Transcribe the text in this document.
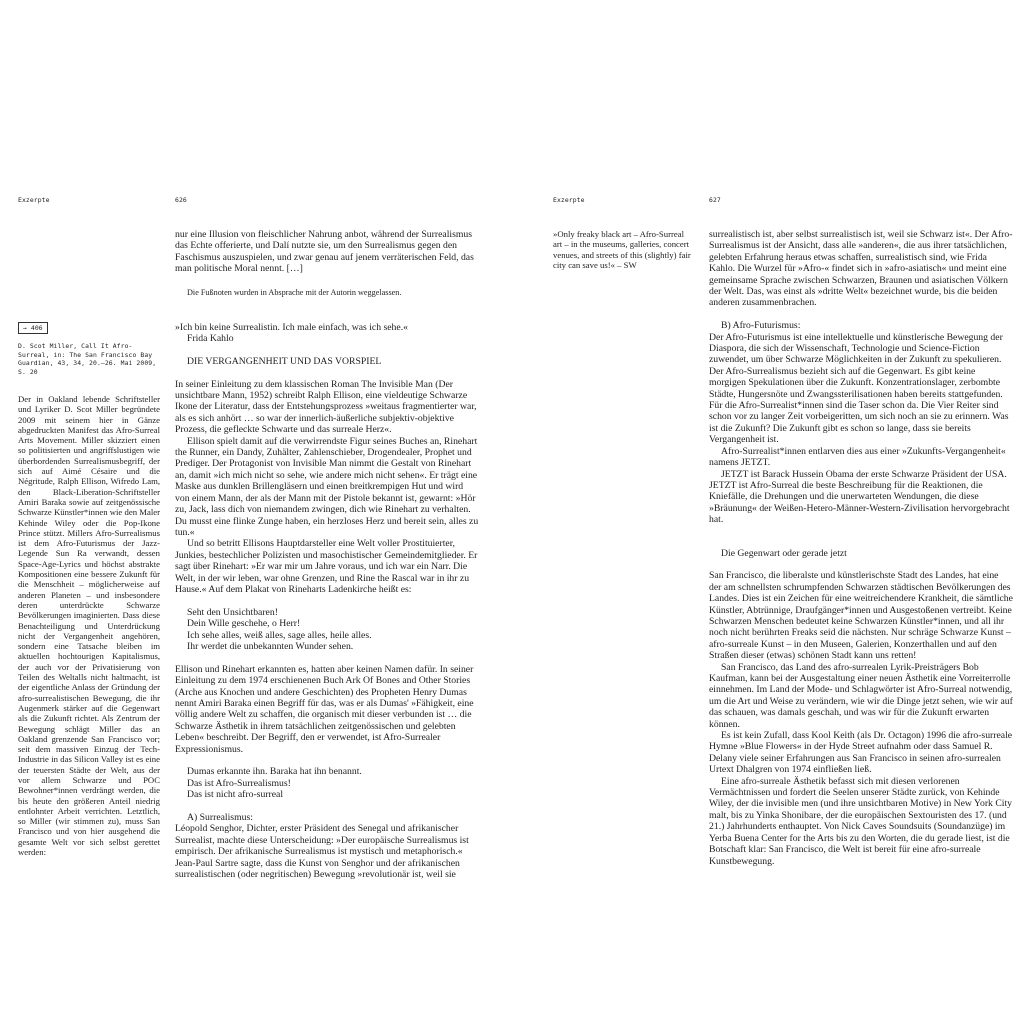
Exzerpte	626
→ 406
D. Scot Miller, Call It Afro-Surreal, in: The San Francisco Bay Guardian, 43, 34, 20.–26. Mai 2009, S. 20
Der in Oakland lebende Schriftsteller und Lyriker D. Scot Miller begründete 2009 mit seinem hier in Gänze abgedruckten Manifest das Afro-Surreal Arts Movement. Miller skizziert einen so politisierten und angriffslustigen wie überbordenden Surrealismusbegriff, der sich auf Aimé Césaire und die Négritude, Ralph Ellison, Wifredo Lam, den Black-Liberation-Schriftsteller Amiri Baraka sowie auf zeitgenössische Schwarze Künstler*innen wie den Maler Kehinde Wiley oder die Pop-Ikone Prince stützt. Millers Afro-Surrealismus ist dem Afro-Futurismus der Jazz-Legende Sun Ra verwandt, dessen Space-Age-Lyrics und höchst abstrakte Kompositionen eine bessere Zukunft für die Menschheit – möglicherweise auf anderen Planeten – und insbesondere deren unterdrückte Schwarze Bevölkerungen imaginierten. Dass diese Benachteiligung und Unterdrückung nicht der Vergangenheit angehören, sondern eine Tatsache bleiben im aktuellen hochtourigen Kapitalismus, der auch vor der Privatisierung von Teilen des Weltalls nicht haltmacht, ist der eigentliche Anlass der Gründung der afro-surrealistischen Bewegung, die ihr Augenmerk stärker auf die Gegenwart als die Zukunft richtet. Als Zentrum der Bewegung schlägt Miller das an Oakland grenzende San Francisco vor; seit dem massiven Einzug der Tech-Industrie in das Silicon Valley ist es eine der teuersten Städte der Welt, aus der vor allem Schwarze und POC Bewohner*innen verdrängt werden, die bis heute den größeren Anteil niedrig entlohnter Arbeit verrichten. Letztlich, so Miller (wir stimmen zu), muss San Francisco und von hier ausgehend die gesamte Welt vor sich selbst gerettet werden:

nur eine Illusion von fleischlicher Nahrung anbot, während der Surrealismus das Echte offerierte, und Dalí nutzte sie, um den Surrealismus gegen den Faschismus auszuspielen, und zwar genau auf jenem verräterischen Feld, das man politische Moral nennt. […]

Die Fußnoten wurden in Absprache mit der Autorin weggelassen.

»Ich bin keine Surrealistin. Ich male einfach, was ich sehe.«

Frida Kahlo

DIE VERGANGENHEIT UND DAS VORSPIEL

In seiner Einleitung zu dem klassischen Roman The Invisible Man (Der unsichtbare Mann, 1952) schreibt Ralph Ellison, eine vieldeutige Schwarze Ikone der Literatur, dass der Entstehungsprozess »weitaus fragmentierter war, als es sich anhört … so war der innerlich-äußerliche subjektiv-objektive Prozess, die gefleckte Schwarte und das surreale Herz«.

Ellison spielt damit auf die verwirrendste Figur seines Buches an, Rinehart the Runner, ein Dandy, Zuhälter, Zahlenschieber, Drogendealer, Prophet und Prediger. Der Protagonist von Invisible Man nimmt die Gestalt von Rinehart an, damit »ich mich nicht so sehe, wie andere mich nicht sehen«. Er trägt eine Maske aus dunklen Brillengläsern und einen breitkrempigen Hut und wird von einem Mann, der als der Mann mit der Pistole bekannt ist, gewarnt: »Hör zu, Jack, lass dich von niemandem zwingen, dich wie Rinehart zu verhalten. Du musst eine flinke Zunge haben, ein herzloses Herz und bereit sein, alles zu tun.«

Und so betritt Ellisons Hauptdarsteller eine Welt voller Prostituierter, Junkies, bestechlicher Polizisten und masochistischer Gemeindemitglieder. Er sagt über Rinehart: »Er war mir um Jahre voraus, und ich war ein Narr. Die Welt, in der wir leben, war ohne Grenzen, und Rine the Rascal war in ihr zu Hause.« Auf dem Plakat von Rineharts Ladenkirche heißt es:

Seht den Unsichtbaren!

Dein Wille geschehe, o Herr!

Ich sehe alles, weiß alles, sage alles, heile alles.

Ihr werdet die unbekannten Wunder sehen.

Ellison und Rinehart erkannten es, hatten aber keinen Namen dafür. In seiner Einleitung zu dem 1974 erschienenen Buch Ark Of Bones and Other Stories (Arche aus Knochen und andere Geschichten) des Propheten Henry Dumas nennt Amiri Baraka einen Begriff für das, was er als Dumas' »Fähigkeit, eine völlig andere Welt zu schaffen, die organisch mit dieser verbunden ist … die Schwarze Ästhetik in ihrem tatsächlichen zeitgenössischen und gelebten Leben« beschreibt. Der Begriff, den er verwendet, ist Afro-Surrealer Expressionismus.

Dumas erkannte ihn. Baraka hat ihn benannt.

Das ist Afro-Surrealismus!

Das ist nicht afro-surreal

A) Surrealismus:

Léopold Senghor, Dichter, erster Präsident des Senegal und afrikanischer Surrealist, machte diese Unterscheidung: »Der europäische Surrealismus ist empirisch. Der afrikanische Surrealismus ist mystisch und metaphorisch.« Jean-Paul Sartre sagte, dass die Kunst von Senghor und der afrikanischen surrealistischen (oder negritischen) Bewegung »revolutionär ist, weil sie

Exzerpte	627
»Only freaky black art – Afro-Surreal art – in the museums, galleries, concert venues, and streets of this (slightly) fair city can save us!« – SW

surrealistisch ist, aber selbst surrealistisch ist, weil sie Schwarz ist«. Der Afro-Surrealismus ist der Ansicht, dass alle »anderen«, die aus ihrer tatsächlichen, gelebten Erfahrung heraus etwas schaffen, surrealistisch sind, wie Frida Kahlo. Die Wurzel für »Afro-« findet sich in »afro-asiatisch« und meint eine gemeinsame Sprache zwischen Schwarzen, Braunen und asiatischen Völkern der Welt. Das, was einst als »dritte Welt« bezeichnet wurde, bis die beiden anderen zusammenbrachen.

B) Afro-Futurismus:

Der Afro-Futurismus ist eine intellektuelle und künstlerische Bewegung der Diaspora, die sich der Wissenschaft, Technologie und Science-Fiction zuwendet, um über Schwarze Möglichkeiten in der Zukunft zu spekulieren. Der Afro-Surrealismus bezieht sich auf die Gegenwart. Es gibt keine morgigen Spekulationen über die Zukunft. Konzentrationslager, zerbombte Städte, Hungersnöte und Zwangssterilisationen haben bereits stattgefunden. Für die Afro-Surrealist*innen sind die Taser schon da. Die Vier Reiter sind schon vor zu langer Zeit vorbeigeritten, um sich noch an sie zu erinnern. Was ist die Zukunft? Die Zukunft gibt es schon so lange, dass sie bereits Vergangenheit ist.

Afro-Surrealist*innen entlarven dies aus einer »Zukunfts-Vergangenheit« namens JETZT.

JETZT ist Barack Hussein Obama der erste Schwarze Präsident der USA. JETZT ist Afro-Surreal die beste Beschreibung für die Reaktionen, die Kniefälle, die Drehungen und die unerwarteten Wendungen, die diese »Bräunung« der Weißen-Hetero-Männer-Western-Zivilisation hervorgebracht hat.

Die Gegenwart oder gerade jetzt

San Francisco, die liberalste und künstlerischste Stadt des Landes, hat eine der am schnellsten schrumpfenden Schwarzen städtischen Bevölkerungen des Landes. Dies ist ein Zeichen für eine weitreichendere Krankheit, die sämtliche Künstler, Abtrünnige, Draufgänger*innen und Ausgestoßenen vertreibt. Keine Schwarzen Menschen bedeutet keine Schwarzen Künstler*innen, und all ihr noch nicht berührten Freaks seid die nächsten. Nur schräge Schwarze Kunst – afro-surreale Kunst – in den Museen, Galerien, Konzerthallen und auf den Straßen dieser (etwas) schönen Stadt kann uns retten!

San Francisco, das Land des afro-surrealen Lyrik-Preisträgers Bob Kaufman, kann bei der Ausgestaltung einer neuen Ästhetik eine Vorreiterrolle einnehmen. Im Land der Mode- und Schlagwörter ist Afro-Surreal notwendig, um die Art und Weise zu verändern, wie wir die Dinge jetzt sehen, wie wir auf das schauen, was damals geschah, und was wir für die Zukunft erwarten können.

Es ist kein Zufall, dass Kool Keith (als Dr. Octagon) 1996 die afro-surreale Hymne »Blue Flowers« in der Hyde Street aufnahm oder dass Samuel R. Delany viele seiner Erfahrungen aus San Francisco in seinen afro-surrealen Urtext Dhalgren von 1974 einfließen ließ.

Eine afro-surreale Ästhetik befasst sich mit diesen verlorenen Vermächtnissen und fordert die Seelen unserer Städte zurück, von Kehinde Wiley, der die invisible men (und ihre unsichtbaren Motive) in New York City malt, bis zu Yinka Shonibare, der die europäischen Sextouristen des 17. (und 21.) Jahrhunderts enthauptet. Von Nick Caves Soundsuits (Soundanzüge) im Yerba Buena Center for the Arts bis zu den Worten, die du gerade liest, ist die Botschaft klar: San Francisco, die Welt ist bereit für eine afro-surreale Kunstbewegung.
